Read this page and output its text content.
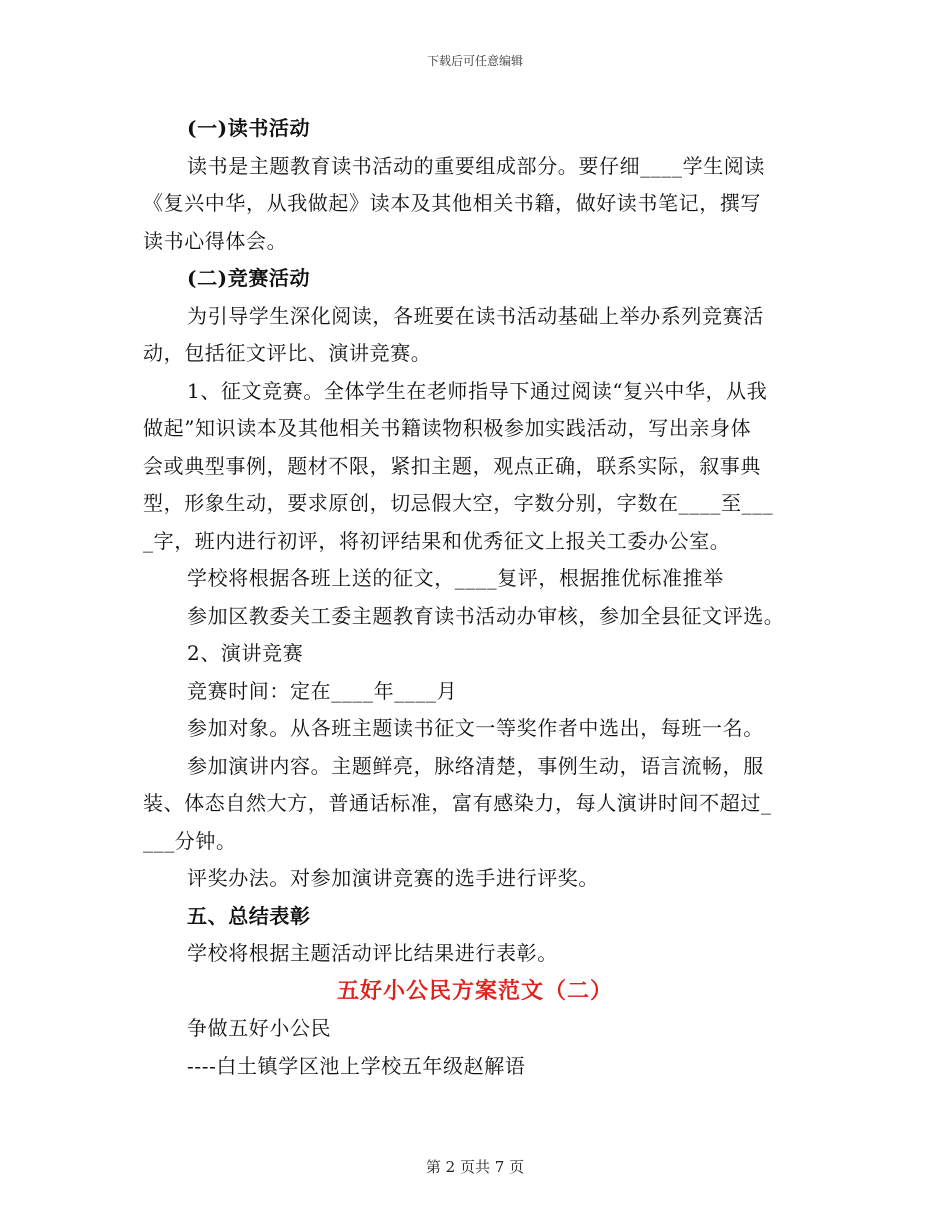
下载后可任意编辑
(一)读书活动
读书是主题教育读书活动的重要组成部分。要仔细____学生阅读
《复兴中华，从我做起》读本及其他相关书籍，做好读书笔记，撰写
读书心得体会。
(二)竞赛活动
为引导学生深化阅读，各班要在读书活动基础上举办系列竞赛活
动，包括征文评比、演讲竞赛。
1、征文竞赛。全体学生在老师指导下通过阅读“复兴中华，从我
做起”知识读本及其他相关书籍读物积极参加实践活动，写出亲身体
会或典型事例，题材不限，紧扣主题，观点正确，联系实际，叙事典
型，形象生动，要求原创，切忌假大空，字数分别，字数在____至___
_字，班内进行初评，将初评结果和优秀征文上报关工委办公室。
学校将根据各班上送的征文，____复评，根据推优标准推举
参加区教委关工委主题教育读书活动办审核，参加全县征文评选。
2、演讲竞赛
竞赛时间：定在____年____月
参加对象。从各班主题读书征文一等奖作者中选出，每班一名。
参加演讲内容。主题鲜亮，脉络清楚，事例生动，语言流畅，服
装、体态自然大方，普通话标准，富有感染力，每人演讲时间不超过_
___分钟。
评奖办法。对参加演讲竞赛的选手进行评奖。
五、总结表彰
学校将根据主题活动评比结果进行表彰。
五好小公民方案范文（二）
争做五好小公民
----白土镇学区池上学校五年级赵解语
第 2 页共 7 页
